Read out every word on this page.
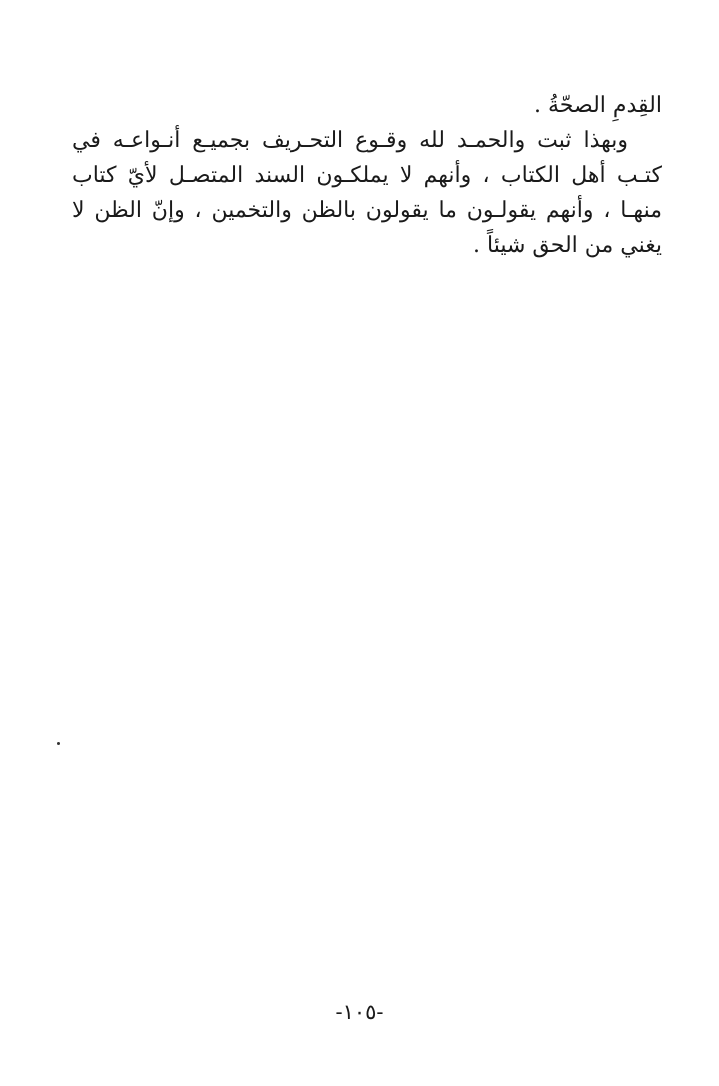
القِدمِ الصحّةُ .

وبهذا ثبت والحمـد لله وقـوع التحـريف بجميـع أنـواعـه في كتـب أهل الكتاب ، وأنهم لا يملكـون السند المتصـل لأيّ كتاب منهـا ، وأنهم يقولـون ما يقولون بالظن والتخمين ، وإنّ الظن لا يغني من الحق شيئاً .

-١٠٥-
